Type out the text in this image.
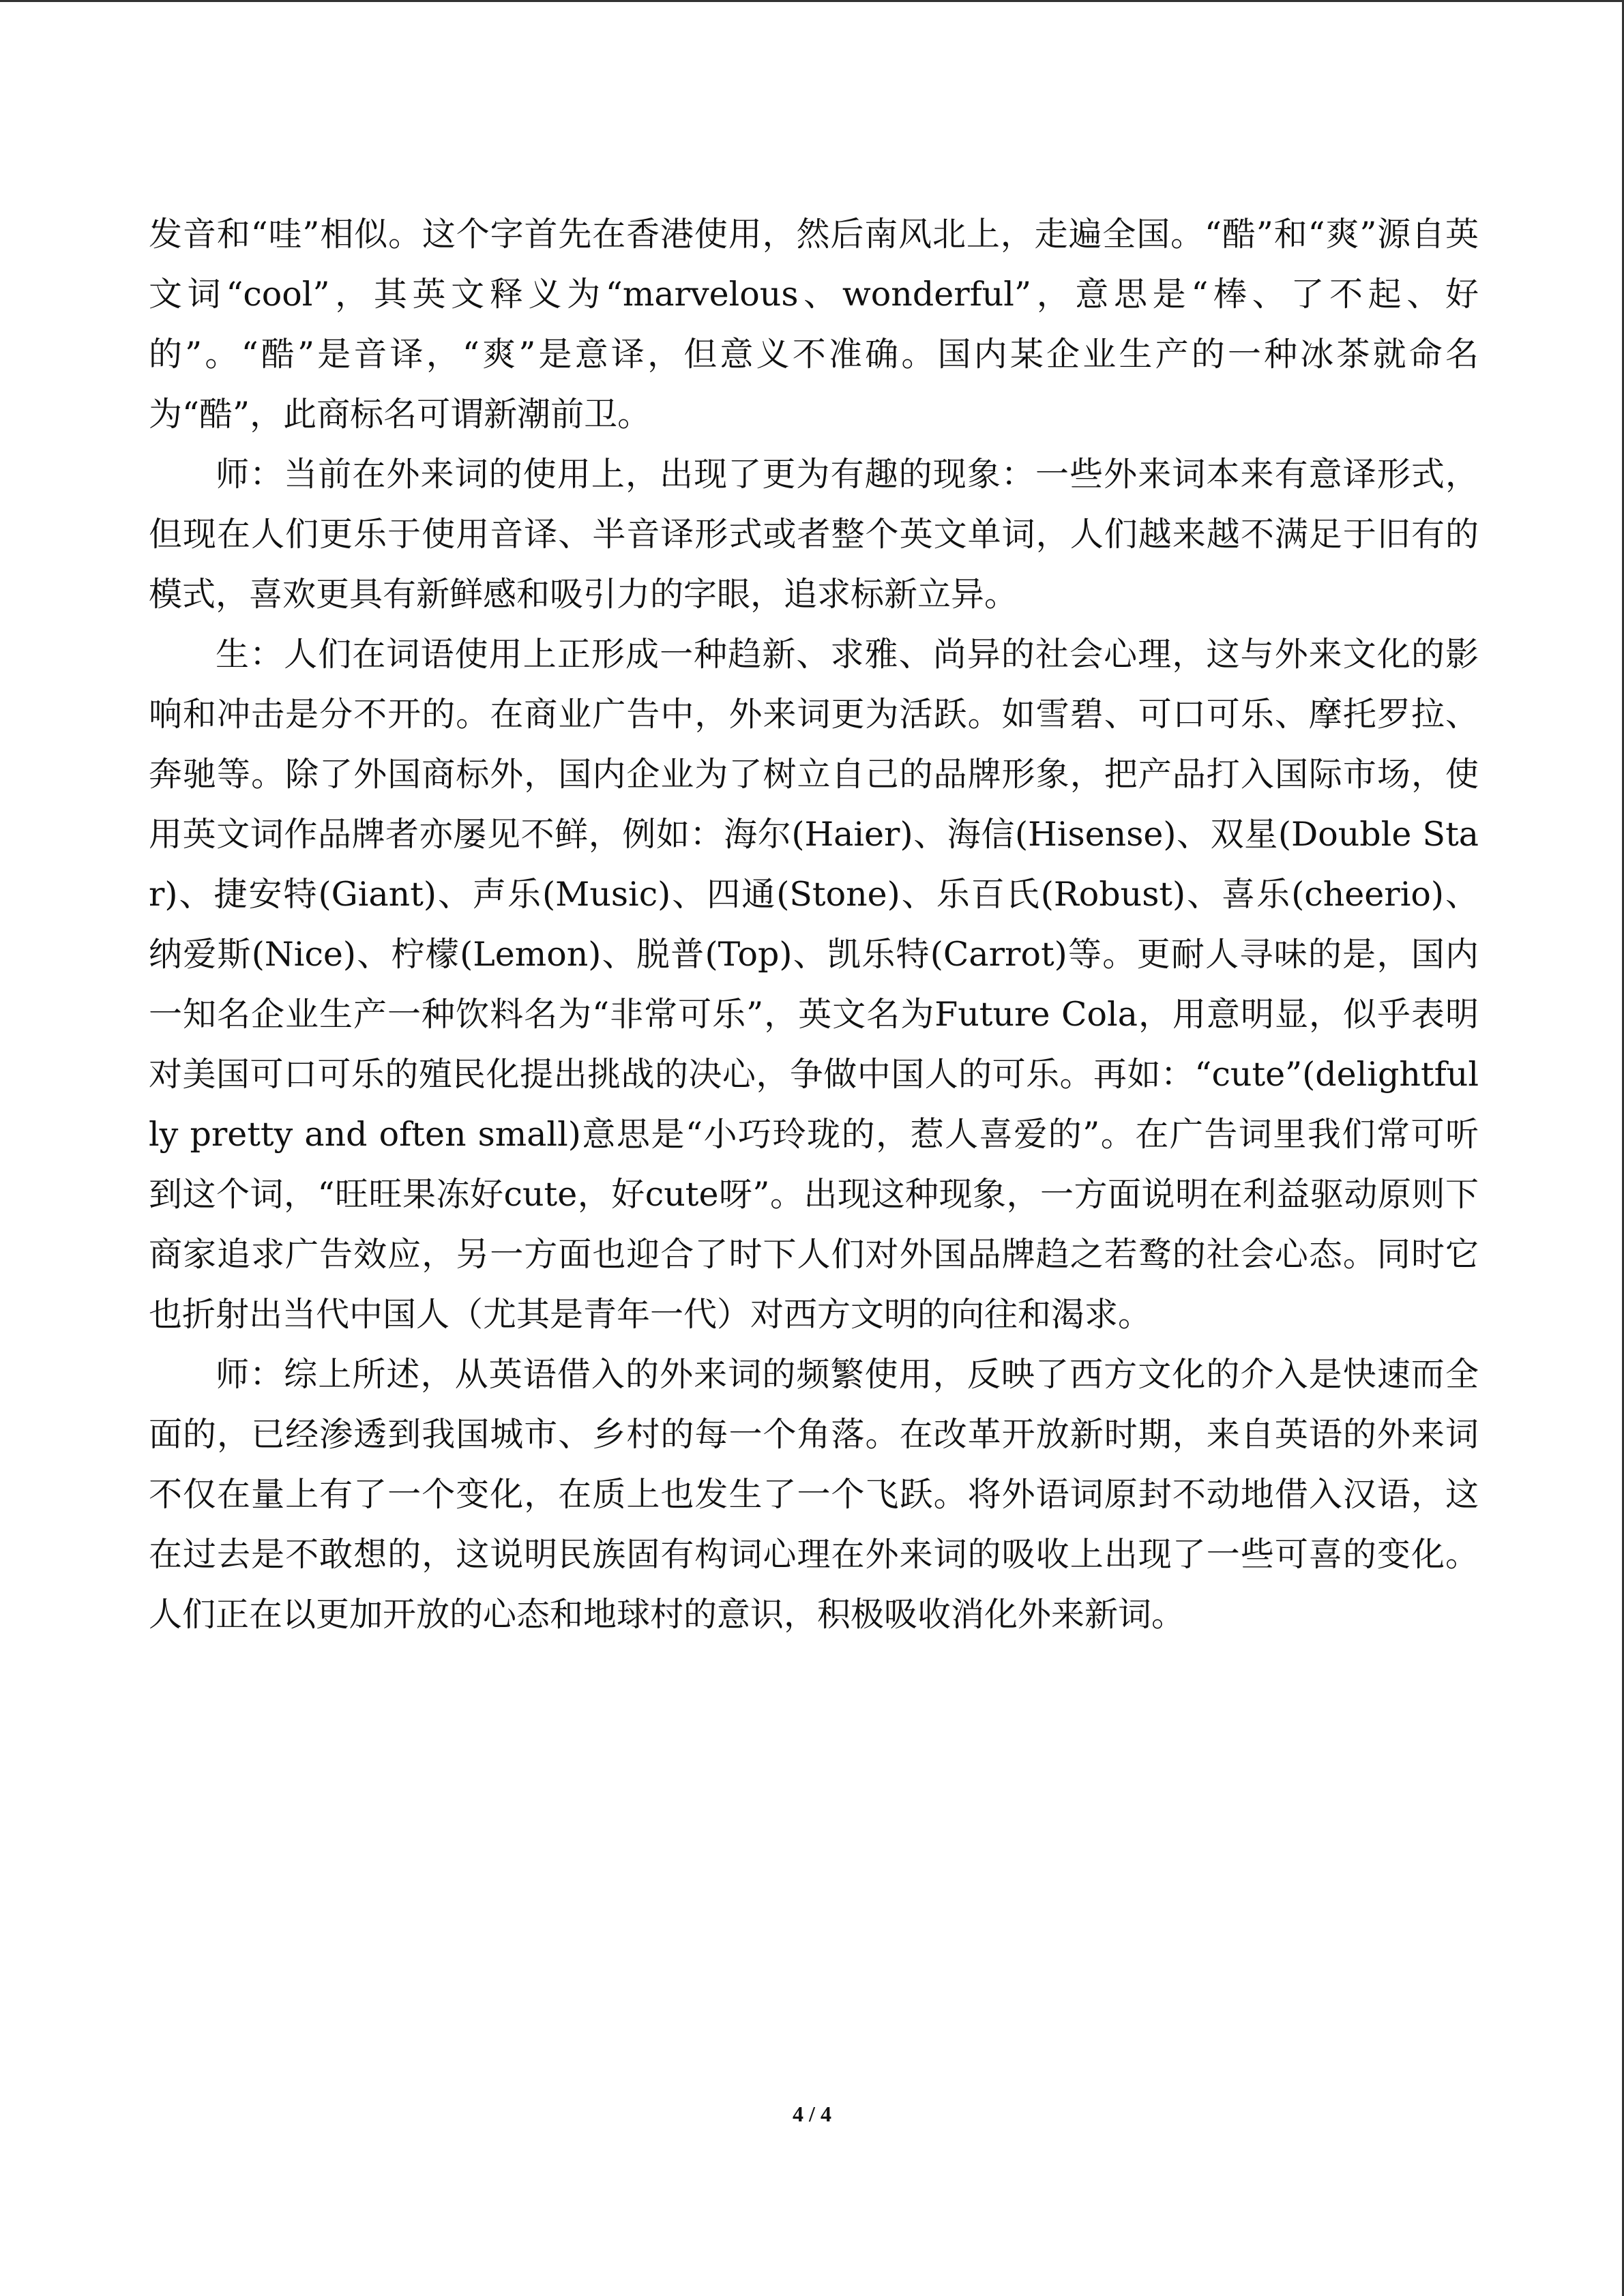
发音和“哇”相似。这个字首先在香港使用，然后南风北上，走遍全国。“酷”和“爽”源自英文词“cool”，其英文释义为“marvelous、wonderful”，意思是“棒、了不起、好的”。“酷”是音译，“爽”是意译，但意义不准确。国内某企业生产的一种冰茶就命名为“酷”，此商标名可谓新潮前卫。

师：当前在外来词的使用上，出现了更为有趣的现象：一些外来词本来有意译形式，但现在人们更乐于使用音译、半音译形式或者整个英文单词，人们越来越不满足于旧有的模式，喜欢更具有新鲜感和吸引力的字眼，追求标新立异。

生：人们在词语使用上正形成一种趋新、求雅、尚异的社会心理，这与外来文化的影响和冲击是分不开的。在商业广告中，外来词更为活跃。如雪碧、可口可乐、摩托罗拉、奔驰等。除了外国商标外，国内企业为了树立自己的品牌形象，把产品打入国际市场，使用英文词作品牌者亦屡见不鲜，例如：海尔(Haier)、海信(Hisense)、双星(Double Star)、捷安特(Giant)、声乐(Music)、四通(Stone)、乐百氏(Robust)、喜乐(cheerio)、纳爱斯(Nice)、柠檬(Lemon)、脱普(Top)、凯乐特(Carrot)等。更耐人寻味的是，国内一知名企业生产一种饮料名为“非常可乐”，英文名为Future Cola，用意明显，似乎表明对美国可口可乐的殖民化提出挑战的决心，争做中国人的可乐。再如：“cute”(delightfully pretty and often small)意思是“小巧玲珑的，惹人喜爱的”。在广告词里我们常可听到这个词，“旺旺果冻好cute，好cute呀”。出现这种现象，一方面说明在利益驱动原则下商家追求广告效应，另一方面也迎合了时下人们对外国品牌趋之若鹜的社会心态。同时它也折射出当代中国人（尤其是青年一代）对西方文明的向往和渴求。

师：综上所述，从英语借入的外来词的频繁使用，反映了西方文化的介入是快速而全面的，已经渗透到我国城市、乡村的每一个角落。在改革开放新时期，来自英语的外来词不仅在量上有了一个变化，在质上也发生了一个飞跃。将外语词原封不动地借入汉语，这在过去是不敢想的，这说明民族固有构词心理在外来词的吸收上出现了一些可喜的变化。人们正在以更加开放的心态和地球村的意识，积极吸收消化外来新词。

4 / 4
